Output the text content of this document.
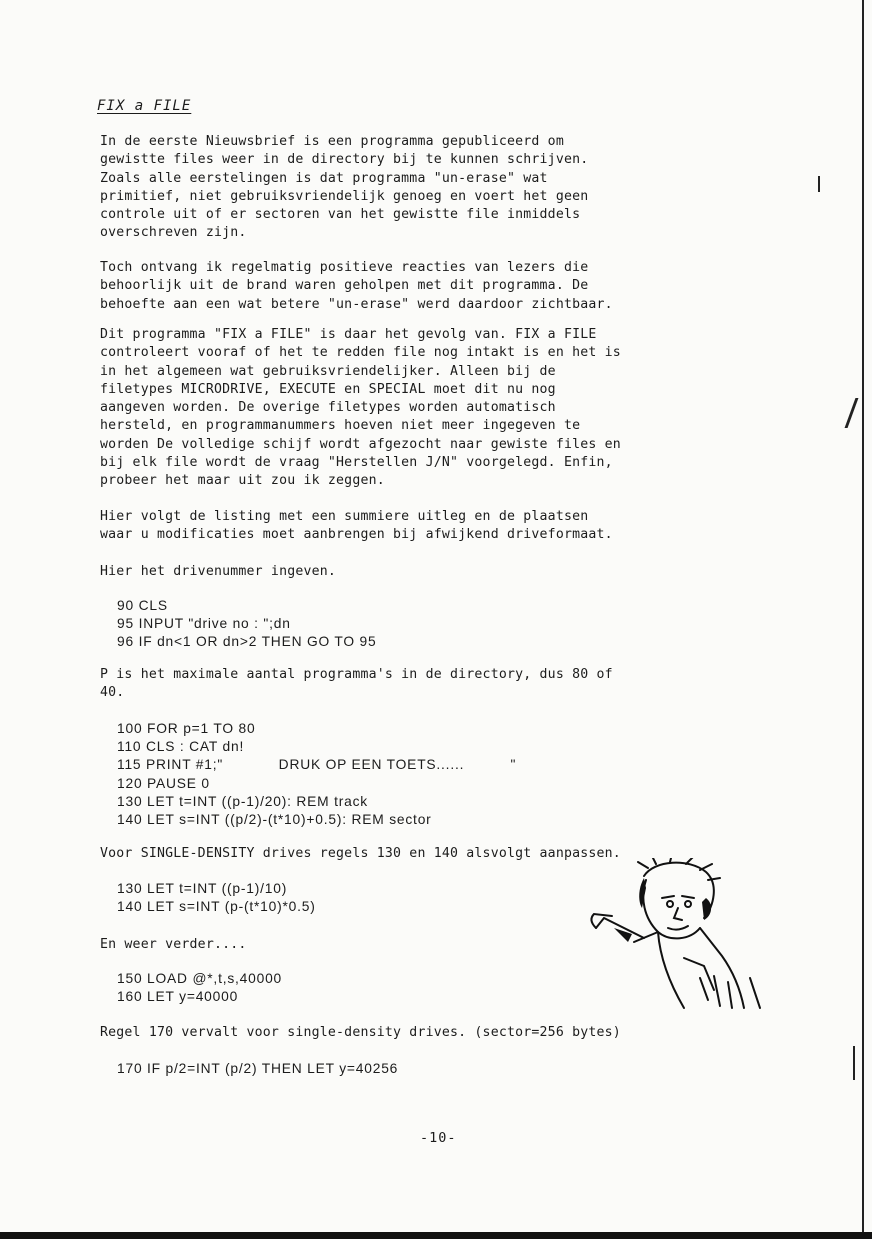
FIX a FILE

In de eerste Nieuwsbrief is een programma gepubliceerd om
gewistte files weer in de directory bij te kunnen schrijven.
Zoals alle eerstelingen is dat programma "un-erase" wat
primitief, niet gebruiksvriendelijk genoeg en voert het geen
controle uit of er sectoren van het gewistte file inmiddels
overschreven zijn.

Toch ontvang ik regelmatig positieve reacties van lezers die
behoorlijk uit de brand waren geholpen met dit programma. De
behoefte aan een wat betere "un-erase" werd daardoor zichtbaar.

Dit programma "FIX a FILE" is daar het gevolg van. FIX a FILE
controleert vooraf of het te redden file nog intakt is en het is
in het algemeen wat gebruiksvriendelijker. Alleen bij de
filetypes MICRODRIVE, EXECUTE en SPECIAL moet dit nu nog
aangeven worden. De overige filetypes worden automatisch
hersteld, en programmanummers hoeven niet meer ingegeven te
worden De volledige schijf wordt afgezocht naar gewiste files en
bij elk file wordt de vraag "Herstellen J/N" voorgelegd. Enfin,
probeer het maar uit zou ik zeggen.

Hier volgt de listing met een summiere uitleg en de plaatsen
waar u modificaties moet aanbrengen bij afwijkend driveformaat.

Hier het drivenummer ingeven.

90 CLS
95 INPUT "drive no : ";dn
96 IF dn<1 OR dn>2 THEN GO TO 95

P is het maximale aantal programma's in de directory, dus 80 of
40.

100 FOR p=1 TO 80
110 CLS : CAT dn!
115 PRINT #1;"            DRUK OP EEN TOETS......          "
120 PAUSE 0
130 LET t=INT ((p-1)/20): REM track
140 LET s=INT ((p/2)-(t*10)+0.5): REM sector

Voor SINGLE-DENSITY drives regels 130 en 140 alsvolgt aanpassen.

130 LET t=INT ((p-1)/10)
140 LET s=INT (p-(t*10)*0.5)

En weer verder....

150 LOAD @*,t,s,40000
160 LET y=40000

Regel 170 vervalt voor single-density drives. (sector=256 bytes)

170 IF p/2=INT (p/2) THEN LET y=40256
-10-
